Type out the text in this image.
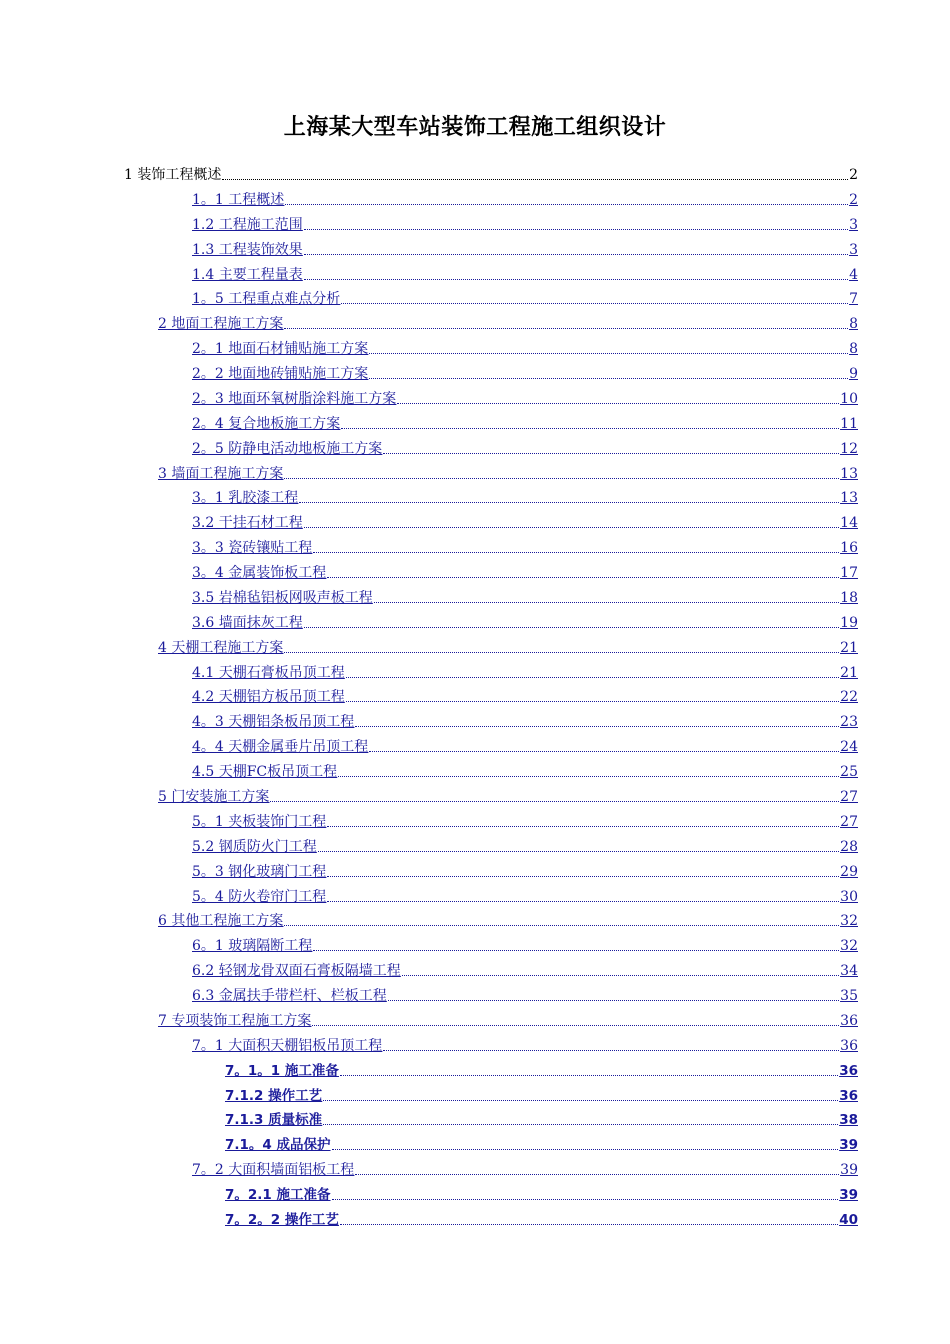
上海某大型车站装饰工程施工组织设计
1 装饰工程概述	2
1。1 工程概述	2
1.2 工程施工范围	3
1.3 工程装饰效果	3
1.4 主要工程量表	4
1。5 工程重点难点分析	7
2 地面工程施工方案	8
2。1 地面石材铺贴施工方案	8
2。2 地面地砖铺贴施工方案	9
2。3 地面环氧树脂涂料施工方案	10
2。4 复合地板施工方案	11
2。5 防静电活动地板施工方案	12
3 墙面工程施工方案	13
3。1 乳胶漆工程	13
3.2 干挂石材工程	14
3。3 瓷砖镶贴工程	16
3。4 金属装饰板工程	17
3.5 岩棉毡铝板网吸声板工程	18
3.6 墙面抹灰工程	19
4 天棚工程施工方案	21
4.1 天棚石膏板吊顶工程	21
4.2 天棚铝方板吊顶工程	22
4。3 天棚铝条板吊顶工程	23
4。4 天棚金属垂片吊顶工程	24
4.5 天棚FC板吊顶工程	25
5 门安装施工方案	27
5。1 夹板装饰门工程	27
5.2 钢质防火门工程	28
5。3 钢化玻璃门工程	29
5。4 防火卷帘门工程	30
6 其他工程施工方案	32
6。1 玻璃隔断工程	32
6.2 轻钢龙骨双面石膏板隔墙工程	34
6.3 金属扶手带栏杆、栏板工程	35
7 专项装饰工程施工方案	36
7。1 大面积天棚铝板吊顶工程	36
7。1。1 施工准备	36
7.1.2 操作工艺	36
7.1.3 质量标准	38
7.1。4 成品保护	39
7。2 大面积墙面铝板工程	39
7。2.1 施工准备	39
7。2。2 操作工艺	40
